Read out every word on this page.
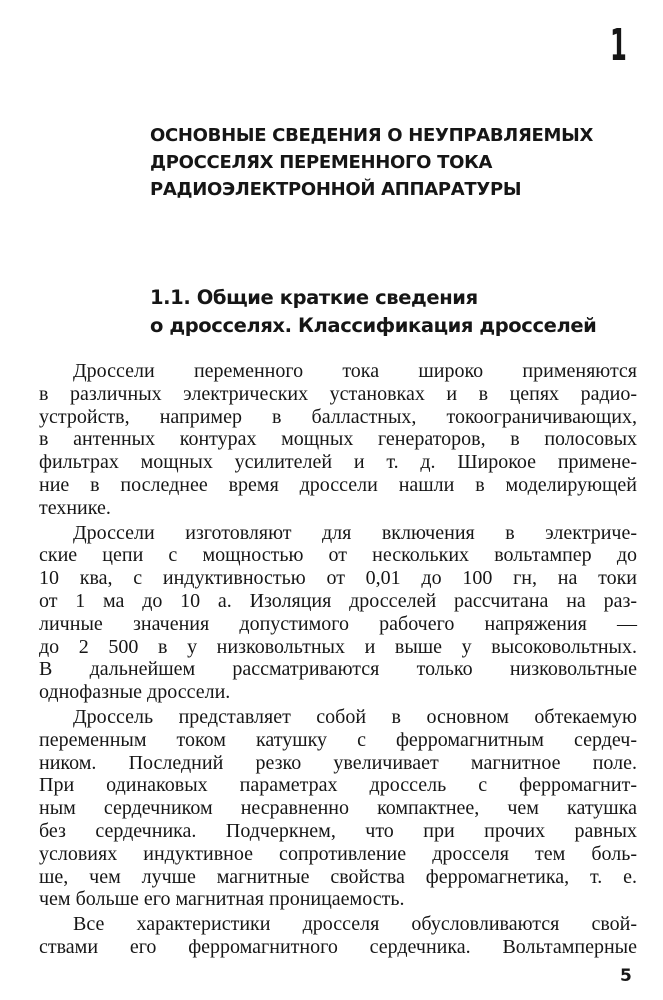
1
ОСНОВНЫЕ СВЕДЕНИЯ О НЕУПРАВЛЯЕМЫХ
ДРОССЕЛЯХ ПЕРЕМЕННОГО ТОКА
РАДИОЭЛЕКТРОННОЙ АППАРАТУРЫ
1.1. Общие краткие сведения
о дросселях. Классификация дросселей
Дроссели переменного тока широко применяются
в различных электрических установках и в цепях радио-
устройств, например в балластных, токоограничивающих,
в антенных контурах мощных генераторов, в полосовых
фильтрах мощных усилителей и т. д. Широкое примене-
ние в последнее время дроссели нашли в моделирующей
технике.
Дроссели изготовляют для включения в электриче-
ские цепи с мощностью от нескольких вольтампер до
10 ква, с индуктивностью от 0,01 до 100 гн, на токи
от 1 ма до 10 а. Изоляция дросселей рассчитана на раз-
личные значения допустимого рабочего напряжения —
до 2 500 в у низковольтных и выше у высоковольтных.
В дальнейшем рассматриваются только низковольтные
однофазные дроссели.
Дроссель представляет собой в основном обтекаемую
переменным током катушку с ферромагнитным сердеч-
ником. Последний резко увеличивает магнитное поле.
При одинаковых параметрах дроссель с ферромагнит-
ным сердечником несравненно компактнее, чем катушка
без сердечника. Подчеркнем, что при прочих равных
условиях индуктивное сопротивление дросселя тем боль-
ше, чем лучше магнитные свойства ферромагнетика, т. е.
чем больше его магнитная проницаемость.
Все характеристики дросселя обусловливаются свой-
ствами его ферромагнитного сердечника. Вольтамперные
5
